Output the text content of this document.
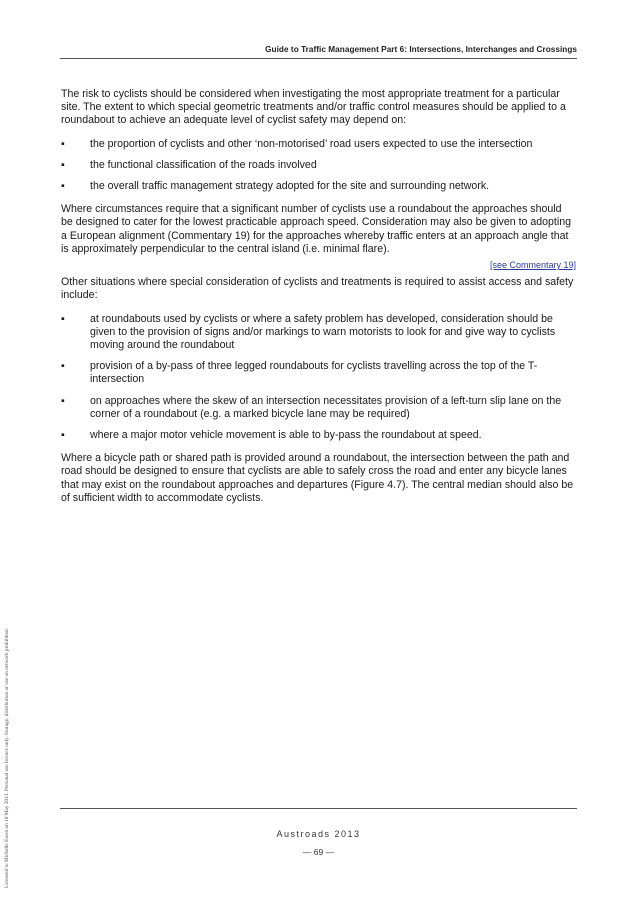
Guide to Traffic Management Part 6: Intersections, Interchanges and Crossings

The risk to cyclists should be considered when investigating the most appropriate treatment for a particular site. The extent to which special geometric treatments and/or traffic control measures should be applied to a roundabout to achieve an adequate level of cyclist safety may depend on:

▪	the proportion of cyclists and other ‘non-motorised’ road users expected to use the intersection
▪	the functional classification of the roads involved
▪	the overall traffic management strategy adopted for the site and surrounding network.

Where circumstances require that a significant number of cyclists use a roundabout the approaches should be designed to cater for the lowest practicable approach speed. Consideration may also be given to adopting a European alignment (Commentary 19) for the approaches whereby traffic enters at an approach angle that is approximately perpendicular to the central island (i.e. minimal flare).

[see Commentary 19]

Other situations where special consideration of cyclists and treatments is required to assist access and safety include:

▪	at roundabouts used by cyclists or where a safety problem has developed, consideration should be given to the provision of signs and/or markings to warn motorists to look for and give way to cyclists moving around the roundabout
▪	provision of a by-pass of three legged roundabouts for cyclists travelling across the top of the T-intersection
▪	on approaches where the skew of an intersection necessitates provision of a left-turn slip lane on the corner of a roundabout (e.g. a marked bicycle lane may be required)
▪	where a major motor vehicle movement is able to by-pass the roundabout at speed.

Where a bicycle path or shared path is provided around a roundabout, the intersection between the path and road should be designed to ensure that cyclists are able to safely cross the road and enter any bicycle lanes that may exist on the roundabout approaches and departures (Figure 4.7). The central median should also be of sufficient width to accommodate cyclists.

Licensed to Michelle Ewen on 10 May 2013. Personal use licence only. Storage, distribution or use on network prohibited.	Austroads 2013
— 69 —
